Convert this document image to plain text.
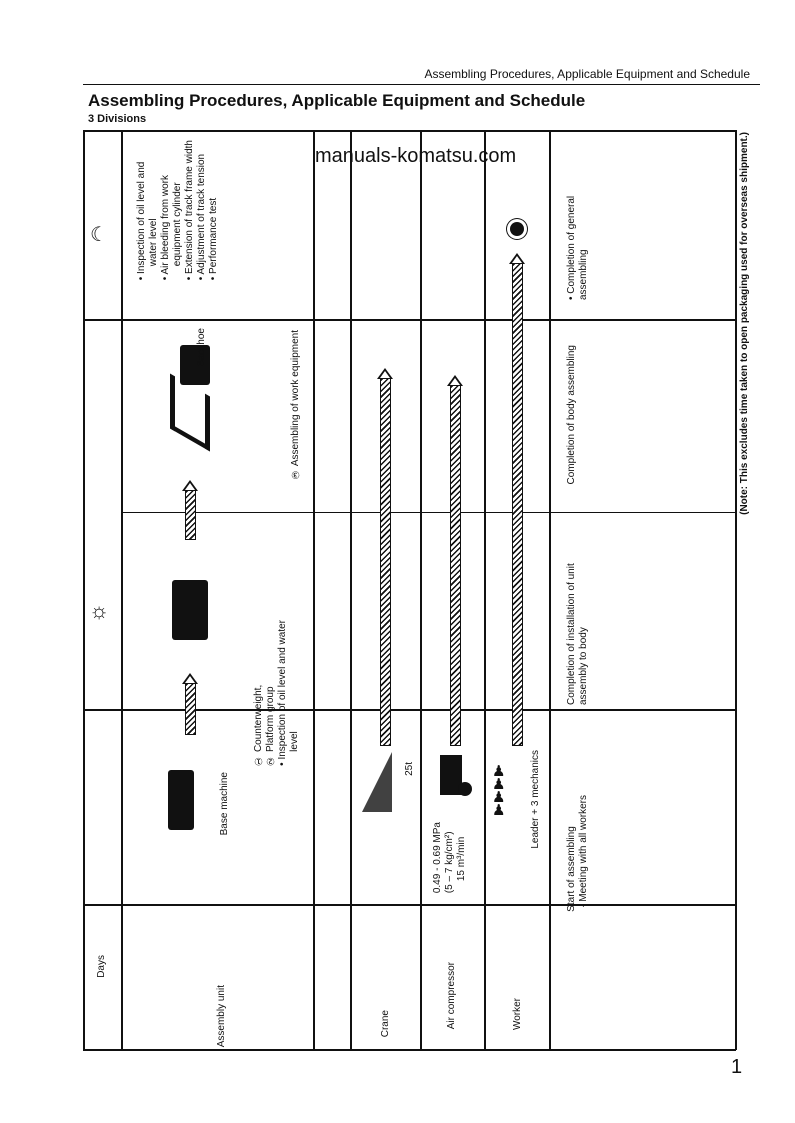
Assembling Procedures, Applicable Equipment and Schedule
Assembling Procedures, Applicable Equipment and Schedule
3 Divisions
Days
☼
☾
Assembly unit
Base machine
① Counterweight, ② Platform group • Inspection of oil level and water level
③ Assembling of work equipment
Backhoe
• Inspection of oil level and water level • Air bleeding from work equipment cylinder • Extension of track frame width • Adjustment of track tension • Performance test
Crane
25t
Air compressor
0.49 - 0.69 MPa (5 – 7 kg/cm²) 15 m³/min
Worker
♟
♟
♟
♟	Leader + 3 mechanics
Start of assembling · Meeting with all workers
Completion of installation of unit assembly to body
Completion of body assembling
• Completion of general assembling	(Note: This excludes time taken to open packaging used for overseas shipment.)
manuals-komatsu.com
1
